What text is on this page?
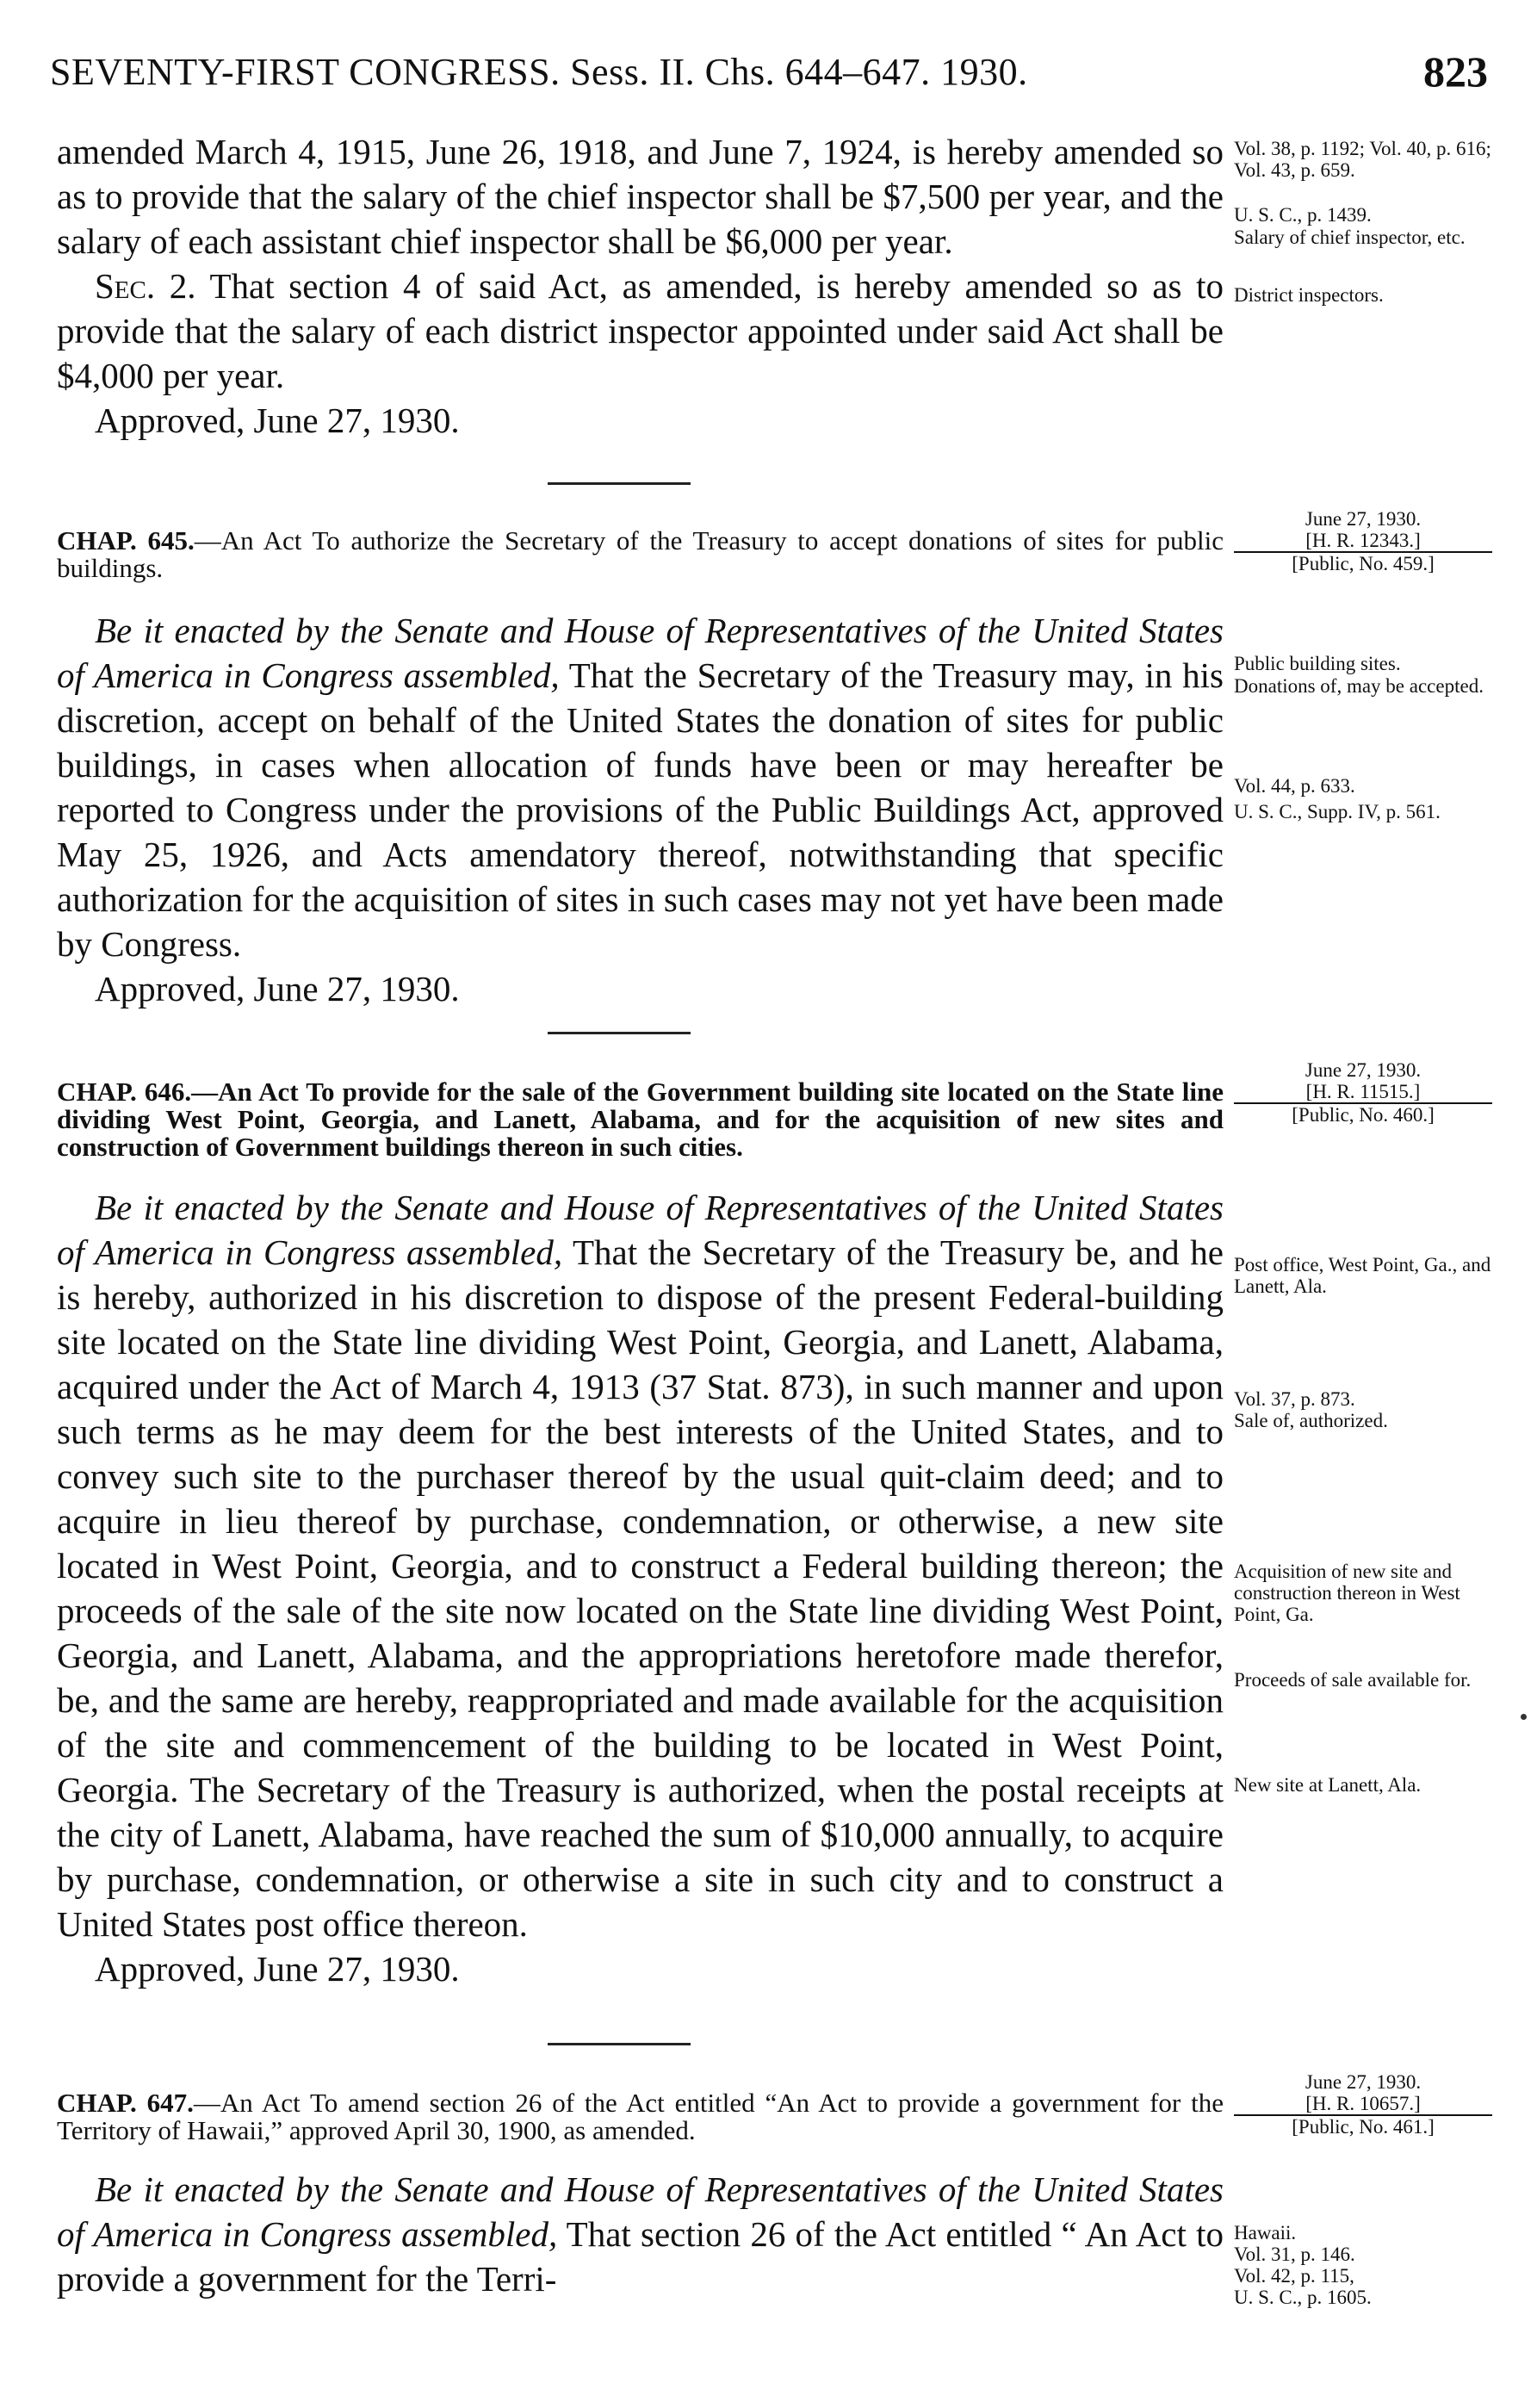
SEVENTY-FIRST CONGRESS. Sess. II. Chs. 644–647. 1930.	823

amended March 4, 1915, June 26, 1918, and June 7, 1924, is hereby amended so as to provide that the salary of the chief inspector shall be $7,500 per year, and the salary of each assistant chief inspector shall be $6,000 per year.

Sec. 2. That section 4 of said Act, as amended, is hereby amended so as to provide that the salary of each district inspector appointed under said Act shall be $4,000 per year.

Approved, June 27, 1930.

CHAP. 645.—An Act To authorize the Secretary of the Treasury to accept donations of sites for public buildings.

Be it enacted by the Senate and House of Representatives of the United States of America in Congress assembled, That the Secretary of the Treasury may, in his discretion, accept on behalf of the United States the donation of sites for public buildings, in cases when allocation of funds have been or may hereafter be reported to Congress under the provisions of the Public Buildings Act, approved May 25, 1926, and Acts amendatory thereof, notwithstanding that specific authorization for the acquisition of sites in such cases may not yet have been made by Congress.

Approved, June 27, 1930.

CHAP. 646.—An Act To provide for the sale of the Government building site located on the State line dividing West Point, Georgia, and Lanett, Alabama, and for the acquisition of new sites and construction of Government buildings thereon in such cities.

Be it enacted by the Senate and House of Representatives of the United States of America in Congress assembled, That the Secretary of the Treasury be, and he is hereby, authorized in his discretion to dispose of the present Federal-building site located on the State line dividing West Point, Georgia, and Lanett, Alabama, acquired under the Act of March 4, 1913 (37 Stat. 873), in such manner and upon such terms as he may deem for the best interests of the United States, and to convey such site to the purchaser thereof by the usual quit-claim deed; and to acquire in lieu thereof by purchase, condemnation, or otherwise, a new site located in West Point, Georgia, and to construct a Federal building thereon; the proceeds of the sale of the site now located on the State line dividing West Point, Georgia, and Lanett, Alabama, and the appropriations heretofore made therefor, be, and the same are hereby, reappropriated and made available for the acquisition of the site and commencement of the building to be located in West Point, Georgia. The Secretary of the Treasury is authorized, when the postal receipts at the city of Lanett, Alabama, have reached the sum of $10,000 annually, to acquire by purchase, condemnation, or otherwise a site in such city and to construct a United States post office thereon.

Approved, June 27, 1930.

CHAP. 647.—An Act To amend section 26 of the Act entitled “An Act to provide a government for the Territory of Hawaii,” approved April 30, 1900, as amended.

Be it enacted by the Senate and House of Representatives of the United States of America in Congress assembled, That section 26 of the Act entitled “ An Act to provide a government for the Terri-

Vol. 38, p. 1192; Vol. 40, p. 616; Vol. 43, p. 659.

U. S. C., p. 1439.

Salary of chief inspector, etc.

District inspectors.

June 27, 1930.

[H. R. 12343.]

[Public, No. 459.]

Public building sites.

Donations of, may be accepted.

Vol. 44, p. 633.

U. S. C., Supp. IV, p. 561.

June 27, 1930.

[H. R. 11515.]

[Public, No. 460.]

Post office, West Point, Ga., and Lanett, Ala.

Vol. 37, p. 873.

Sale of, authorized.

Acquisition of new site and construction thereon in West Point, Ga.

Proceeds of sale available for.

New site at Lanett, Ala.

June 27, 1930.

[H. R. 10657.]

[Public, No. 461.]

Hawaii.

Vol. 31, p. 146.

Vol. 42, p. 115,

U. S. C., p. 1605.
